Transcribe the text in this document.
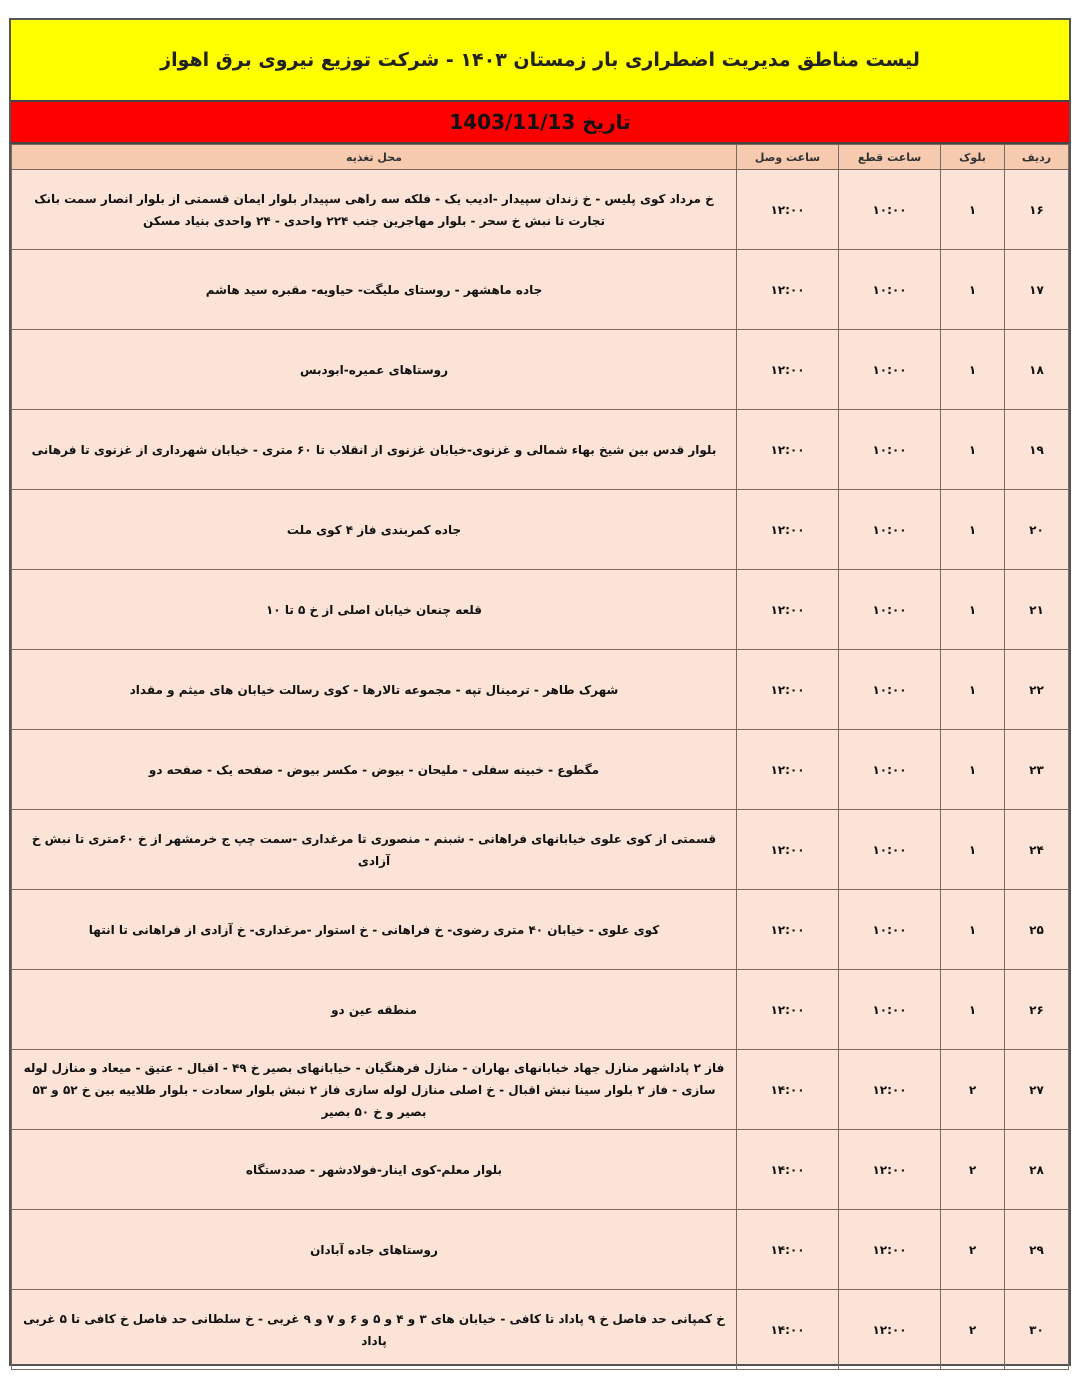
لیست مناطق مدیریت اضطراری بار زمستان ۱۴۰۳ - شرکت توزیع نیروی برق اهواز
تاریخ 1403/11/13
ردیف	بلوک	ساعت قطع	ساعت وصل	محل تغذیه
۱۶	۱	۱۰:۰۰	۱۲:۰۰	خ مرداد کوی پلیس - خ زندان سپیدار -ادیب یک - فلکه سه راهی سپیدار بلوار ایمان قسمتی از بلوار انصار سمت بانک تجارت تا نبش خ سحر - بلوار مهاجرین جنب ۲۲۴ واحدی - ۲۴ واحدی بنیاد مسکن
۱۷	۱	۱۰:۰۰	۱۲:۰۰	جاده ماهشهر - روستای ملیگت- حیاویه- مقبره سید هاشم
۱۸	۱	۱۰:۰۰	۱۲:۰۰	روستاهای عمیره-ابودبس
۱۹	۱	۱۰:۰۰	۱۲:۰۰	بلوار قدس بین شیخ بهاء شمالی و غزنوی-خیابان غزنوی از انقلاب تا ۶۰ متری - خیابان شهرداری از غزنوی تا فرهانی
۲۰	۱	۱۰:۰۰	۱۲:۰۰	جاده کمربندی فاز ۴ کوی ملت
۲۱	۱	۱۰:۰۰	۱۲:۰۰	قلعه چنعان خیابان اصلی از خ ۵ تا ۱۰
۲۲	۱	۱۰:۰۰	۱۲:۰۰	شهرک طاهر - ترمینال تپه - مجموعه تالارها - کوی رسالت خیابان های میثم و مقداد
۲۳	۱	۱۰:۰۰	۱۲:۰۰	مگطوع - خبینه سفلی - ملیحان - بیوض - مکسر بیوض - صفحه یک - صفحه دو
۲۴	۱	۱۰:۰۰	۱۲:۰۰	قسمتی از کوی علوی خیابانهای فراهانی - شبنم - منصوری تا مرغداری -سمت چپ ج خرمشهر از خ ۶۰متری تا نبش خ آزادی
۲۵	۱	۱۰:۰۰	۱۲:۰۰	کوی علوی - خیابان ۴۰ متری رضوی- خ فراهانی - خ استوار -مرغداری- خ آزادی از فراهانی تا انتها
۲۶	۱	۱۰:۰۰	۱۲:۰۰	منطقه عین دو
۲۷	۲	۱۲:۰۰	۱۴:۰۰	فاز ۲ پاداشهر منازل جهاد خیابانهای بهاران - منازل فرهنگیان - خیابانهای بصیر خ ۴۹ - اقبال - عتیق - میعاد و منازل لوله سازی - فاز ۲ بلوار سینا نبش اقبال - خ اصلی منازل لوله سازی فاز ۲ نبش بلوار سعادت - بلوار طلاییه بین خ ۵۲ و ۵۳ بصیر و خ ۵۰ بصیر
۲۸	۲	۱۲:۰۰	۱۴:۰۰	بلوار معلم-کوی اینار-فولادشهر - صددستگاه
۲۹	۲	۱۲:۰۰	۱۴:۰۰	روستاهای جاده آبادان
۳۰	۲	۱۲:۰۰	۱۴:۰۰	خ کمپانی حد فاصل خ ۹ پاداد تا کافی - خیابان های ۳ و ۴ و ۵ و ۶ و ۷ و ۹ غربی - خ سلطانی حد فاصل خ کافی تا ۵ غربی پاداد
